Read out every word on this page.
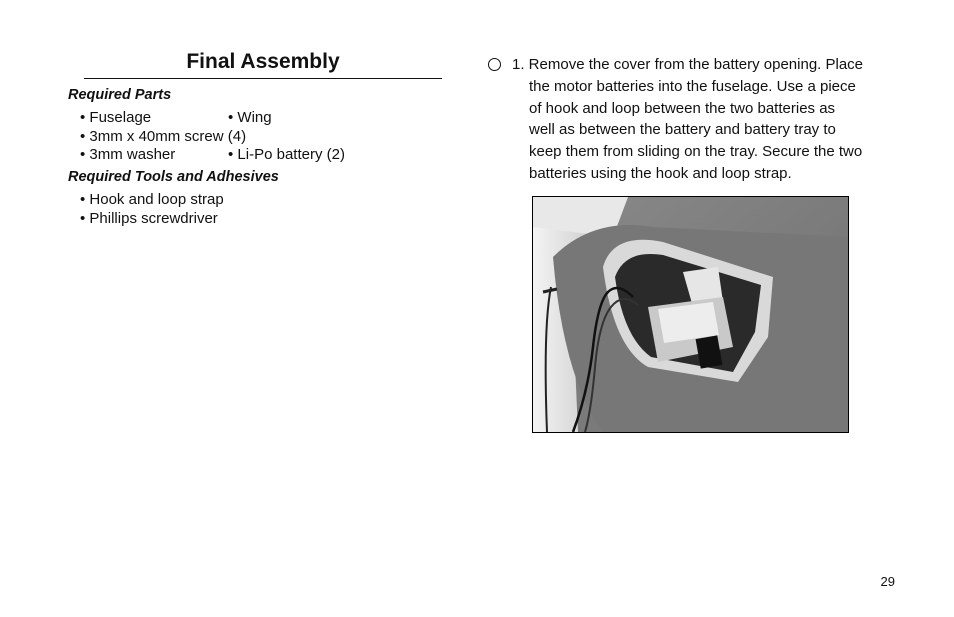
Final Assembly
Required Parts
• Fuselage	• Wing
• 3mm x 40mm screw (4)
• 3mm washer	• Li-Po battery (2)
Required Tools and Adhesives
• Hook and loop strap
• Phillips screwdriver
1. Remove the cover from the battery opening. Place
the motor batteries into the fuselage. Use a piece
of hook and loop between the two batteries as
well as between the battery and battery tray to
keep them from sliding on the tray. Secure the two
batteries using the hook and loop strap.
29
